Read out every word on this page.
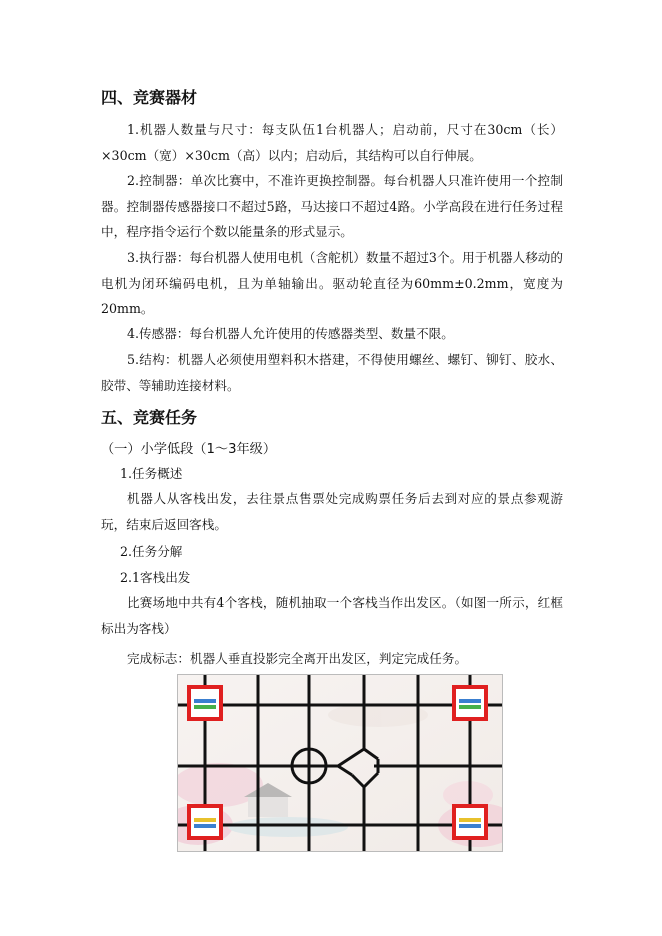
四、竞赛器材
1.机器人数量与尺寸：每支队伍1台机器人；启动前，尺寸在30cm（长）×30cm（宽）×30cm（高）以内；启动后，其结构可以自行伸展。
2.控制器：单次比赛中，不准许更换控制器。每台机器人只准许使用一个控制器。控制器传感器接口不超过5路，马达接口不超过4路。小学高段在进行任务过程中，程序指令运行个数以能量条的形式显示。
3.执行器：每台机器人使用电机（含舵机）数量不超过3个。用于机器人移动的电机为闭环编码电机，且为单轴输出。驱动轮直径为60mm±0.2mm，宽度为20mm。
4.传感器：每台机器人允许使用的传感器类型、数量不限。
5.结构：机器人必须使用塑料积木搭建，不得使用螺丝、螺钉、铆钉、胶水、胶带、等辅助连接材料。
五、竞赛任务
（一）小学低段（1～3年级）
1.任务概述
机器人从客栈出发，去往景点售票处完成购票任务后去到对应的景点参观游玩，结束后返回客栈。
2.任务分解
2.1客栈出发
比赛场地中共有4个客栈，随机抽取一个客栈当作出发区。（如图一所示，红框标出为客栈）
完成标志：机器人垂直投影完全离开出发区，判定完成任务。
